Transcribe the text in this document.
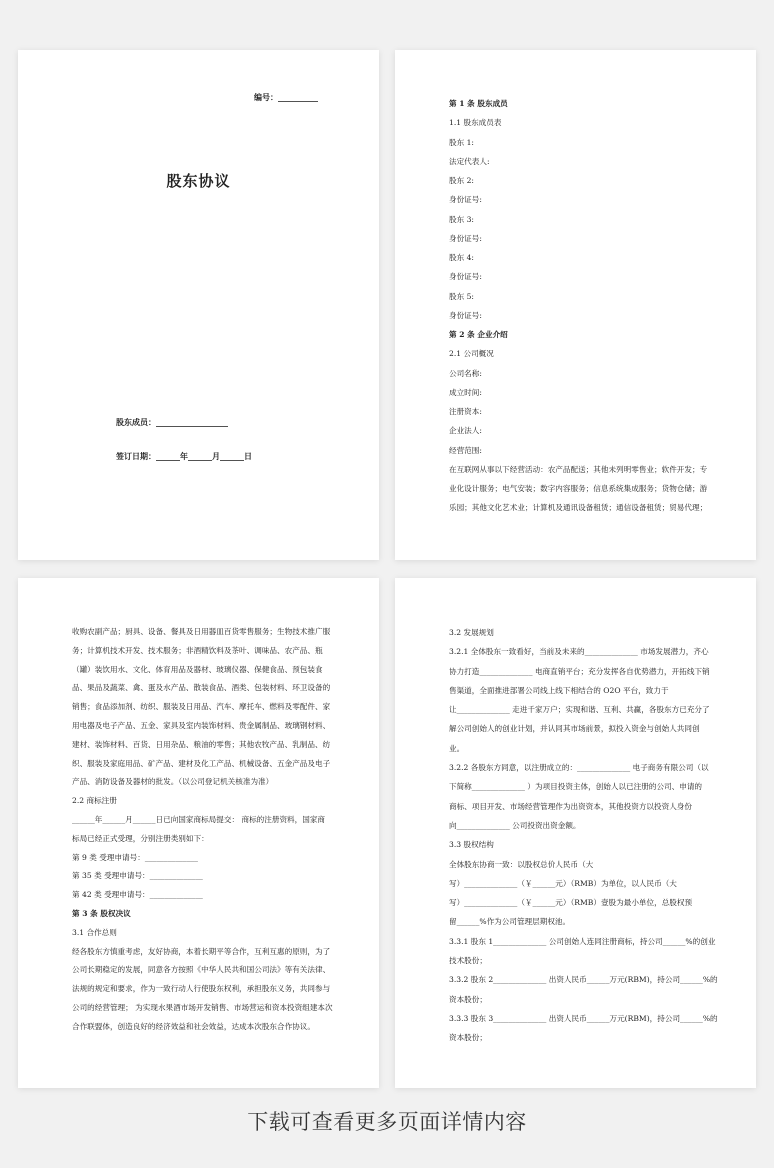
编号：__________
股东协议
股东成员：__________________
签订日期：______年______月______日
第 1 条 股东成员
1.1 股东成员表
股东 1:
法定代表人:
股东 2:
身份证号:
股东 3:
身份证号:
股东 4:
身份证号:
股东 5:
身份证号:
第 2 条 企业介绍
2.1 公司概况
公司名称:
成立时间:
注册资本:
企业法人:
经营范围:
在互联网从事以下经营活动：农产品配送；其他未列明零售业；软件开发；专
业化设计服务；电气安装；数字内容服务；信息系统集成服务；货物仓储；游
乐园；其他文化艺术业；计算机及通讯设备租赁；通信设备租赁；贸易代理；
收购农副产品；厨具、设备、餐具及日用器皿百货零售服务；生物技术推广服
务；计算机技术开发、技术服务；非酒精饮料及茶叶、调味品、农产品、瓶
（罐）装饮用水、文化、体育用品及器材、玻璃仪器、保健食品、预包装食
品、果品及蔬菜、禽、蛋及水产品、散装食品、酒类、包装材料、环卫设备的
销售；食品添加剂、纺织、服装及日用品、汽车、摩托车、燃料及零配件、家
用电器及电子产品、五金、家具及室内装饰材料、贵金属制品、玻璃钢材料、
建材、装饰材料、百货、日用杂品、粮油的零售；其他农牧产品、乳制品、纺
织、服装及家庭用品、矿产品、建材及化工产品、机械设备、五金产品及电子
产品、消防设备及器材的批发。（以公司登记机关核准为准）
2.2 商标注册
______年______月______日已向国家商标局提交： 商标的注册资料，国家商
标局已经正式受理，分别注册类别如下：
第 9 类 受理申请号：______________
第 35 类 受理申请号：______________
第 42 类 受理申请号：______________
第 3 条 股权决议
3.1 合作总则
经各股东方慎重考虑，友好协商，本着长期平等合作，互利互惠的原则，为了
公司长期稳定的发展，同意各方按照《中华人民共和国公司法》等有关法律、
法规的规定和要求，作为一致行动人行使股东权利，承担股东义务，共同参与
公司的经营管理； 为实现水果酒市场开发销售、市场营运和资本投资组建本次
合作联盟体，创造良好的经济效益和社会效益，达成本次股东合作协议。
3.2 发展规划
3.2.1 全体股东一致看好，当前及未来的______________ 市场发展潜力，齐心
协力打造______________ 电商直销平台；充分发挥各自优势潜力，开拓线下销
售渠道，全面推进部署公司线上线下相结合的 O2O 平台，致力于
让______________ 走进千家万户；实现和谐、互利、共赢，各股东方已充分了
解公司创始人的创业计划，并认同其市场前景，拟投入资金与创始人共同创
业。
3.2.2 各股东方同意，以注册成立的：______________ 电子商务有限公司（以
下简称______________ ）为项目投资主体，创始人以已注册的公司、申请的
商标、项目开发、市场经营管理作为出资资本，其他投资方以投资人身份
向______________ 公司投资出资金额。
3.3 股权结构
全体股东协商一致：以股权总价人民币（大
写）______________（￥______元）（RMB）为单位，以人民币（大
写）______________（￥______元）（RMB）壹股为最小单位，总股权预
留______%作为公司管理层期权池。
3.3.1 股东 1______________ 公司创始人连同注册商标，持公司______%的创业
技术股份；
3.3.2 股东 2______________ 出资人民币______万元(RBM)，持公司______%的
资本股份；
3.3.3 股东 3______________ 出资人民币______万元(RBM)，持公司______%的
资本股份；
下载可查看更多页面详情内容
